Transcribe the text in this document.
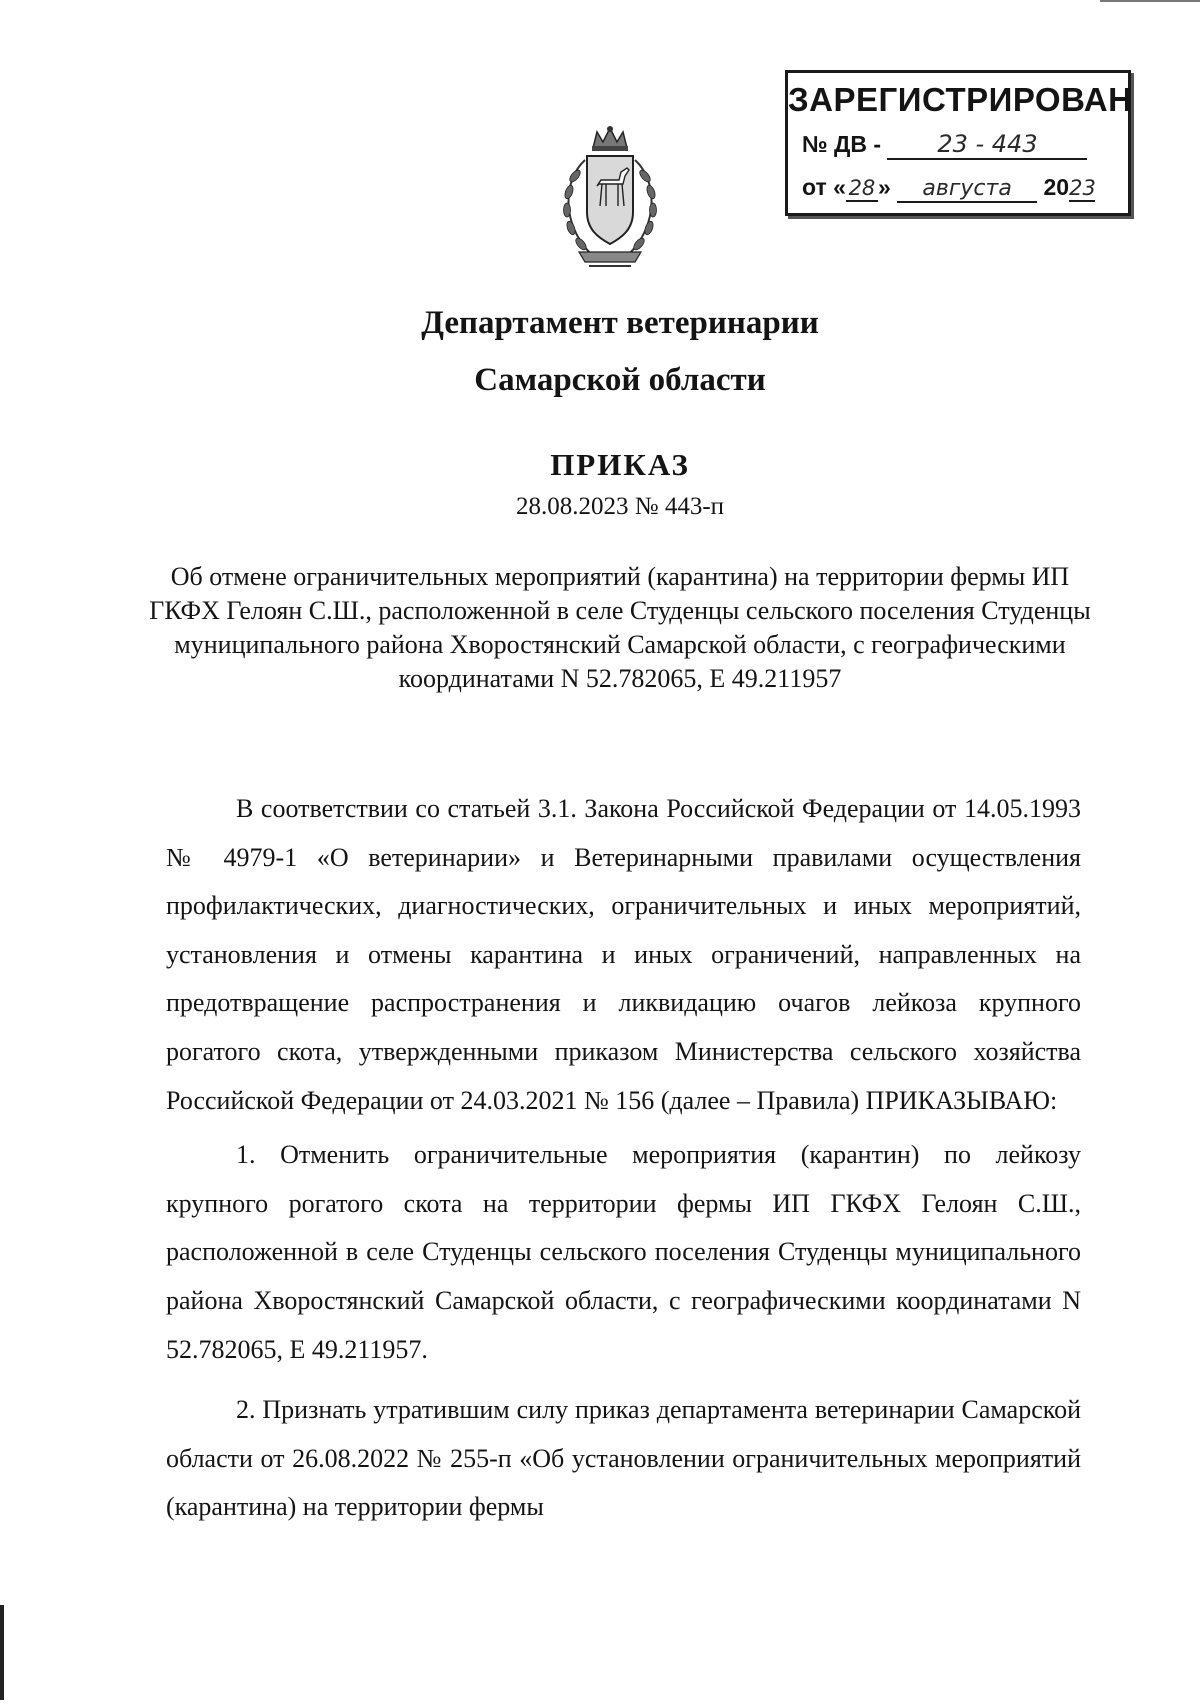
ЗАРЕГИСТРИРОВАН
№ ДВ - 23 - 443
от « 28 » августа 2023
Департамент ветеринарии
Самарской области
ПРИКАЗ
28.08.2023 № 443-п

Об отмене ограничительных мероприятий (карантина) на территории фермы ИП ГКФХ Гелоян С.Ш., расположенной в селе Студенцы сельского поселения Студенцы муниципального района Хворостянский Самарской области, с географическими координатами N 52.782065, Е 49.211957

В соответствии со статьей 3.1. Закона Российской Федерации от 14.05.1993 № 4979-1 «О ветеринарии» и Ветеринарными правилами осуществления профилактических, диагностических, ограничительных и иных мероприятий, установления и отмены карантина и иных ограничений, направленных на предотвращение распространения и ликвидацию очагов лейкоза крупного рогатого скота, утвержденными приказом Министерства сельского хозяйства Российской Федерации от 24.03.2021 № 156 (далее – Правила) ПРИКАЗЫВАЮ:

1. Отменить ограничительные мероприятия (карантин) по лейкозу крупного рогатого скота на территории фермы ИП ГКФХ Гелоян С.Ш., расположенной в селе Студенцы сельского поселения Студенцы муниципального района Хворостянский Самарской области, с географическими координатами N 52.782065, Е 49.211957.

2. Признать утратившим силу приказ департамента ветеринарии Самарской области от 26.08.2022 № 255-п «Об установлении ограничительных мероприятий (карантина) на территории фермы
